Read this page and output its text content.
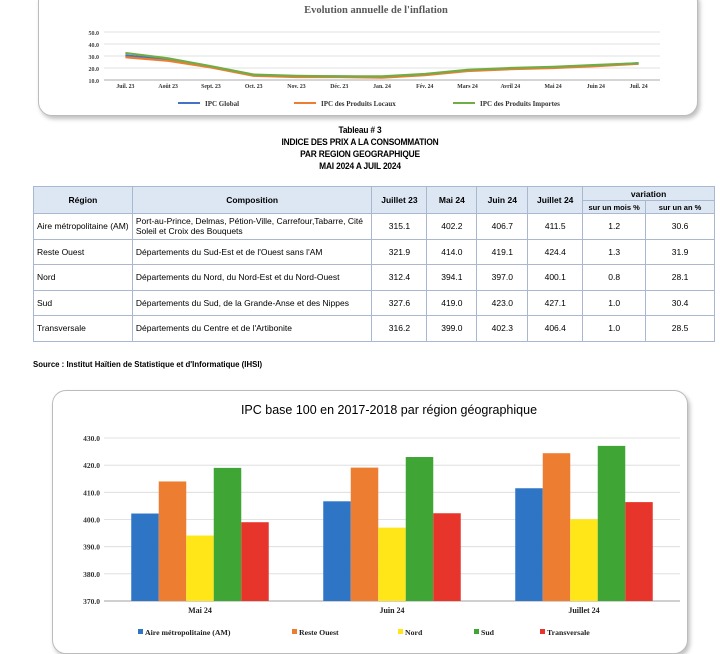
Evolution annuelle de l'inflation
50.0
40.0
30.0
20.0
10.0
Juil. 23	Août 23	Sept. 23	Oct. 23	Nov. 23	Déc. 23	Jan. 24	Fév. 24	Mars 24	Avril 24	Mai 24	Juin 24	Juil. 24
IPC Global	IPC des Produits Locaux	IPC des Produits Importes
Tableau # 3
INDICE DES PRIX A LA CONSOMMATION
PAR REGION GEOGRAPHIQUE
MAI 2024 A JUIL 2024
Région	Composition	Juillet 23	Mai 24	Juin 24	Juillet 24	variation	
						sur un mois %	sur un an %
Aire métropolitaine (AM)	Port-au-Prince, Delmas, Pétion-Ville, Carrefour,Tabarre, Cité Soleil et Croix des Bouquets	315.1	402.2	406.7	411.5	1.2	30.6
Reste Ouest	Départements du Sud-Est et de l'Ouest sans l'AM	321.9	414.0	419.1	424.4	1.3	31.9
Nord	Départements du Nord, du Nord-Est et du Nord-Ouest	312.4	394.1	397.0	400.1	0.8	28.1
Sud	Départements du Sud, de la Grande-Anse et des Nippes	327.6	419.0	423.0	427.1	1.0	30.4
Transversale	Départements du Centre et de l'Artibonite	316.2	399.0	402.3	406.4	1.0	28.5
Source : Institut Haïtien de Statistique et d'Informatique (IHSI)
IPC base 100 en 2017-2018 par région géographique
430.0
420.0
410.0
400.0
390.0
380.0
370.0
Mai 24	Juin 24	Juillet 24
Aire métropolitaine (AM)	Reste Ouest	Nord	Sud	Transversale
